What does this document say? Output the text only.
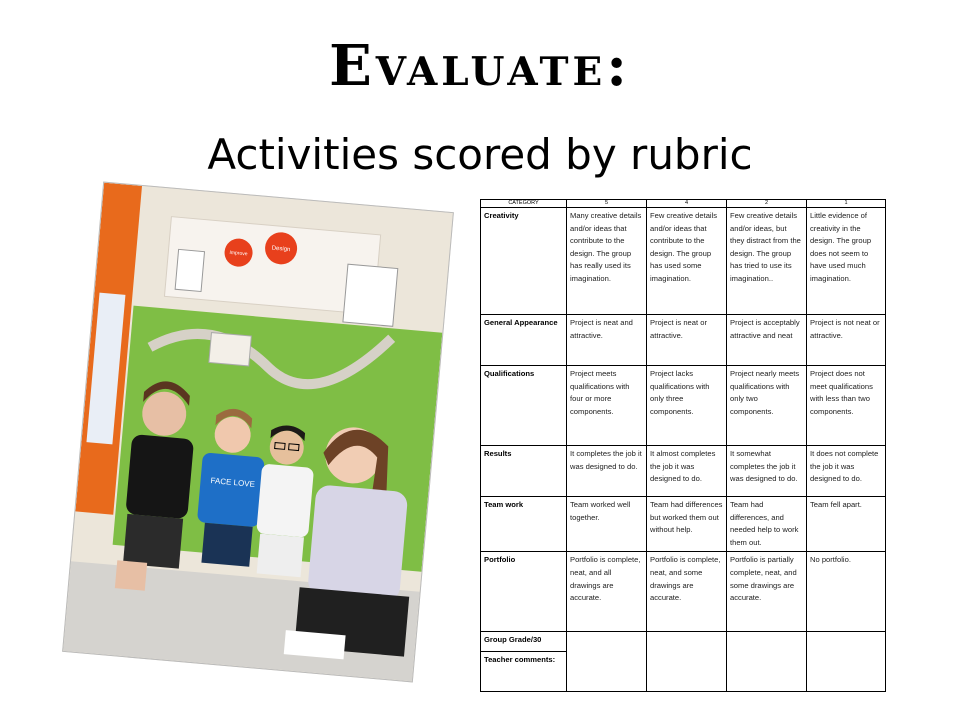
Evaluate:
Activities scored by rubric
Improve
Design
FACE LOVE
CATEGORY	5	4	2	1
Creativity	Many creative details and/or ideas that contribute to the design. The group has really used its imagination.	Few creative details and/or ideas that contribute to the design. The group has used some imagination.	Few creative details and/or ideas, but they distract from the design. The group has tried to use its imagination..	Little evidence of creativity in the design. The group does not seem to have used much imagination.
General Appearance	Project is neat and attractive.	Project is neat or attractive.	Project is acceptably attractive and neat	Project is not neat or attractive.
Qualifications	Project meets qualifications with four or more components.	Project lacks qualifications with only three components.	Project nearly meets qualifications with only two components.	Project does not meet qualifications with less than two components.
Results	It completes the job it was designed to do.	It almost completes the job it was designed to do.	It somewhat completes the job it was designed to do.	It does not complete the job it was designed to do.
Team work	Team worked well together.	Team had differences but worked them out without help.	Team had differences, and needed help to work them out.	Team fell apart.
Portfolio	Portfolio is complete, neat, and all drawings are accurate.	Portfolio is complete, neat, and some drawings are accurate.	Portfolio is partially complete, neat, and some drawings are accurate.	No portfolio.
Group Grade/30				
Teacher comments:				
